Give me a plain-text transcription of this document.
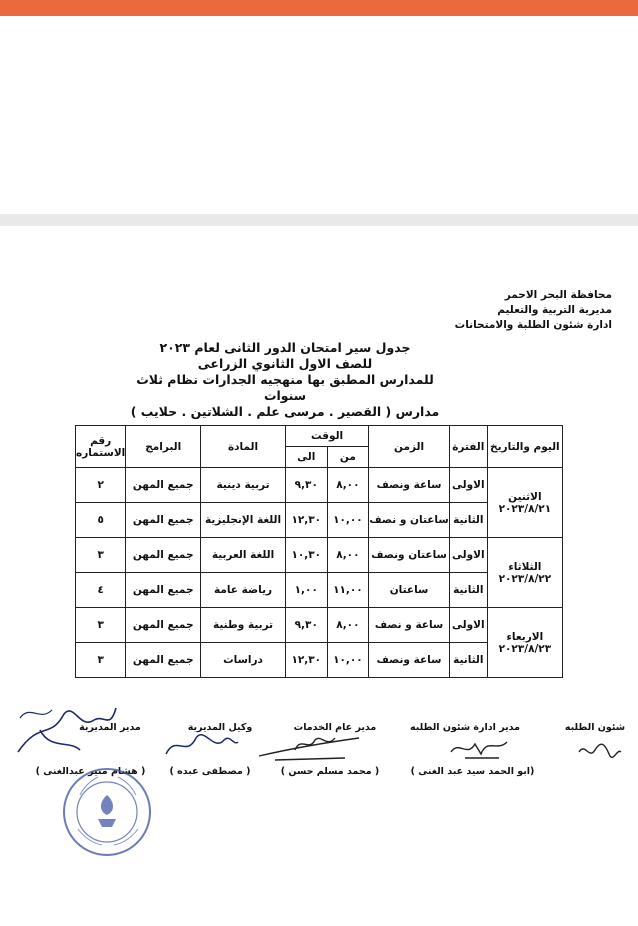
محافظة البحر الاحمر
مديرية التربية والتعليم
ادارة شئون الطلبة والامتحانات
جدول سير امتحان الدور الثانى لعام ٢٠٢٣
للصف الاول الثانوي الزراعى
للمدارس المطبق بها منهجيه الجدارات نظام ثلاث سنوات
مدارس ( القصير . مرسى علم . الشلاتين . حلايب )
اليوم والتاريخ	الفترة	الزمن	الوقت		المادة	البرامج	رقم الاستماره
			من	الى			

الاثنين
٢٠٢٣/٨/٢١	الاولى	ساعة ونصف	٨,٠٠	٩,٣٠	تربية دينية	جميع المهن	٢
	الثانية	ساعتان و نصف	١٠,٠٠	١٢,٣٠	اللغة الإنجليزية	جميع المهن	٥

الثلاثاء
٢٠٢٣/٨/٢٢	الاولى	ساعتان ونصف	٨,٠٠	١٠,٣٠	اللغة العربية	جميع المهن	٣
	الثانية	ساعتان	١١,٠٠	١,٠٠	رياضة عامة	جميع المهن	٤

الاربعاء
٢٠٢٣/٨/٢٣	الاولى	ساعة و نصف	٨,٠٠	٩,٣٠	تربية وطنية	جميع المهن	٣
	الثانية	ساعة ونصف	١٠,٠٠	١٢,٣٠	دراسات	جميع المهن	٣
شئون الطلبه
مدير ادارة شئون الطلبه
مدير عام الخدمات
وكيل المديرية
مدير المديرية
(ابو الحمد سيد عبد الغنى )
( محمد مسلم حسن )
( مصطفى عبده )
( هشام منير عبدالغنى )
